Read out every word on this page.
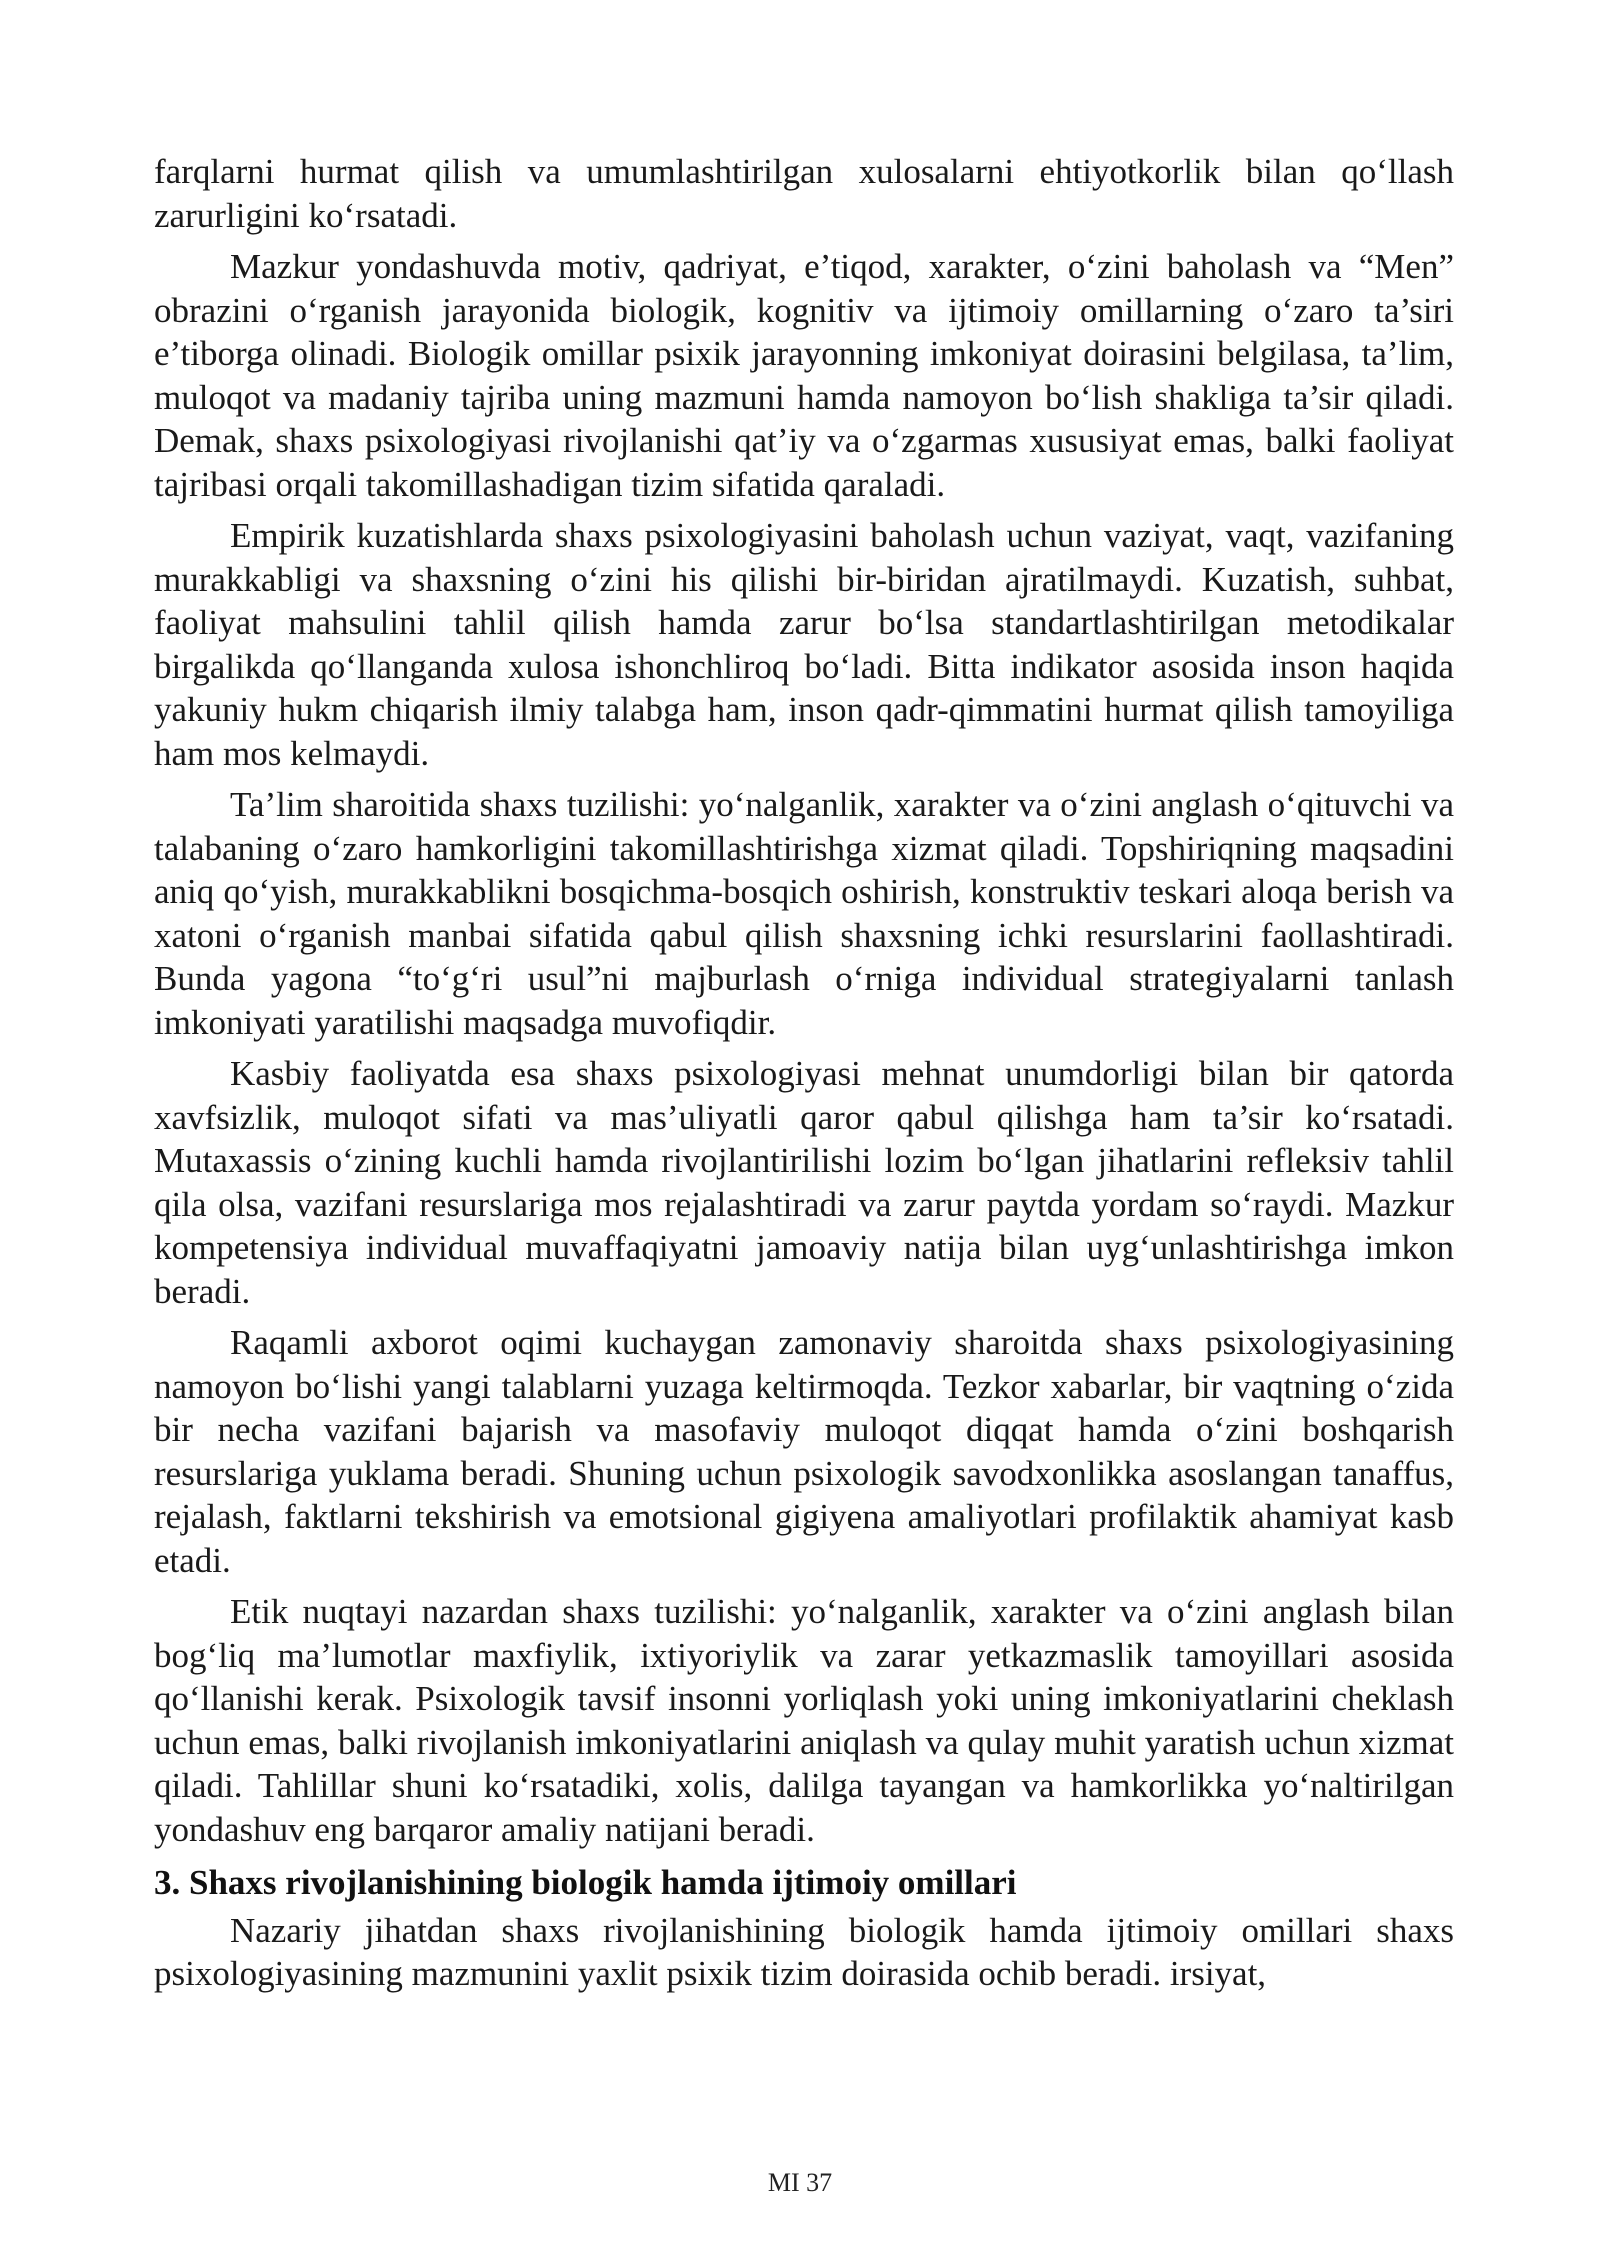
farqlarni hurmat qilish va umumlashtirilgan xulosalarni ehtiyotkorlik bilan qo‘llash zarurligini ko‘rsatadi.

Mazkur yondashuvda motiv, qadriyat, e’tiqod, xarakter, o‘zini baholash va “Men” obrazini o‘rganish jarayonida biologik, kognitiv va ijtimoiy omillarning o‘zaro ta’siri e’tiborga olinadi. Biologik omillar psixik jarayonning imkoniyat doirasini belgilasa, ta’lim, muloqot va madaniy tajriba uning mazmuni hamda namoyon bo‘lish shakliga ta’sir qiladi. Demak, shaxs psixologiyasi rivojlanishi qat’iy va o‘zgarmas xususiyat emas, balki faoliyat tajribasi orqali takomillashadigan tizim sifatida qaraladi.

Empirik kuzatishlarda shaxs psixologiyasini baholash uchun vaziyat, vaqt, vazifaning murakkabligi va shaxsning o‘zini his qilishi bir-biridan ajratilmaydi. Kuzatish, suhbat, faoliyat mahsulini tahlil qilish hamda zarur bo‘lsa standartlashtirilgan metodikalar birgalikda qo‘llanganda xulosa ishonchliroq bo‘ladi. Bitta indikator asosida inson haqida yakuniy hukm chiqarish ilmiy talabga ham, inson qadr-qimmatini hurmat qilish tamoyiliga ham mos kelmaydi.

Ta’lim sharoitida shaxs tuzilishi: yo‘nalganlik, xarakter va o‘zini anglash o‘qituvchi va talabaning o‘zaro hamkorligini takomillashtirishga xizmat qiladi. Topshiriqning maqsadini aniq qo‘yish, murakkablikni bosqichma-bosqich oshirish, konstruktiv teskari aloqa berish va xatoni o‘rganish manbai sifatida qabul qilish shaxsning ichki resurslarini faollashtiradi. Bunda yagona “to‘g‘ri usul”ni majburlash o‘rniga individual strategiyalarni tanlash imkoniyati yaratilishi maqsadga muvofiqdir.

Kasbiy faoliyatda esa shaxs psixologiyasi mehnat unumdorligi bilan bir qatorda xavfsizlik, muloqot sifati va mas’uliyatli qaror qabul qilishga ham ta’sir ko‘rsatadi. Mutaxassis o‘zining kuchli hamda rivojlantirilishi lozim bo‘lgan jihatlarini refleksiv tahlil qila olsa, vazifani resurslariga mos rejalashtiradi va zarur paytda yordam so‘raydi. Mazkur kompetensiya individual muvaffaqiyatni jamoaviy natija bilan uyg‘unlashtirishga imkon beradi.

Raqamli axborot oqimi kuchaygan zamonaviy sharoitda shaxs psixologiyasining namoyon bo‘lishi yangi talablarni yuzaga keltirmoqda. Tezkor xabarlar, bir vaqtning o‘zida bir necha vazifani bajarish va masofaviy muloqot diqqat hamda o‘zini boshqarish resurslariga yuklama beradi. Shuning uchun psixologik savodxonlikka asoslangan tanaffus, rejalash, faktlarni tekshirish va emotsional gigiyena amaliyotlari profilaktik ahamiyat kasb etadi.

Etik nuqtayi nazardan shaxs tuzilishi: yo‘nalganlik, xarakter va o‘zini anglash bilan bog‘liq ma’lumotlar maxfiylik, ixtiyoriylik va zarar yetkazmaslik tamoyillari asosida qo‘llanishi kerak. Psixologik tavsif insonni yorliqlash yoki uning imkoniyatlarini cheklash uchun emas, balki rivojlanish imkoniyatlarini aniqlash va qulay muhit yaratish uchun xizmat qiladi. Tahlillar shuni ko‘rsatadiki, xolis, dalilga tayangan va hamkorlikka yo‘naltirilgan yondashuv eng barqaror amaliy natijani beradi.

3. Shaxs rivojlanishining biologik hamda ijtimoiy omillari

Nazariy jihatdan shaxs rivojlanishining biologik hamda ijtimoiy omillari shaxs psixologiyasining mazmunini yaxlit psixik tizim doirasida ochib beradi. irsiyat,

MI 37
